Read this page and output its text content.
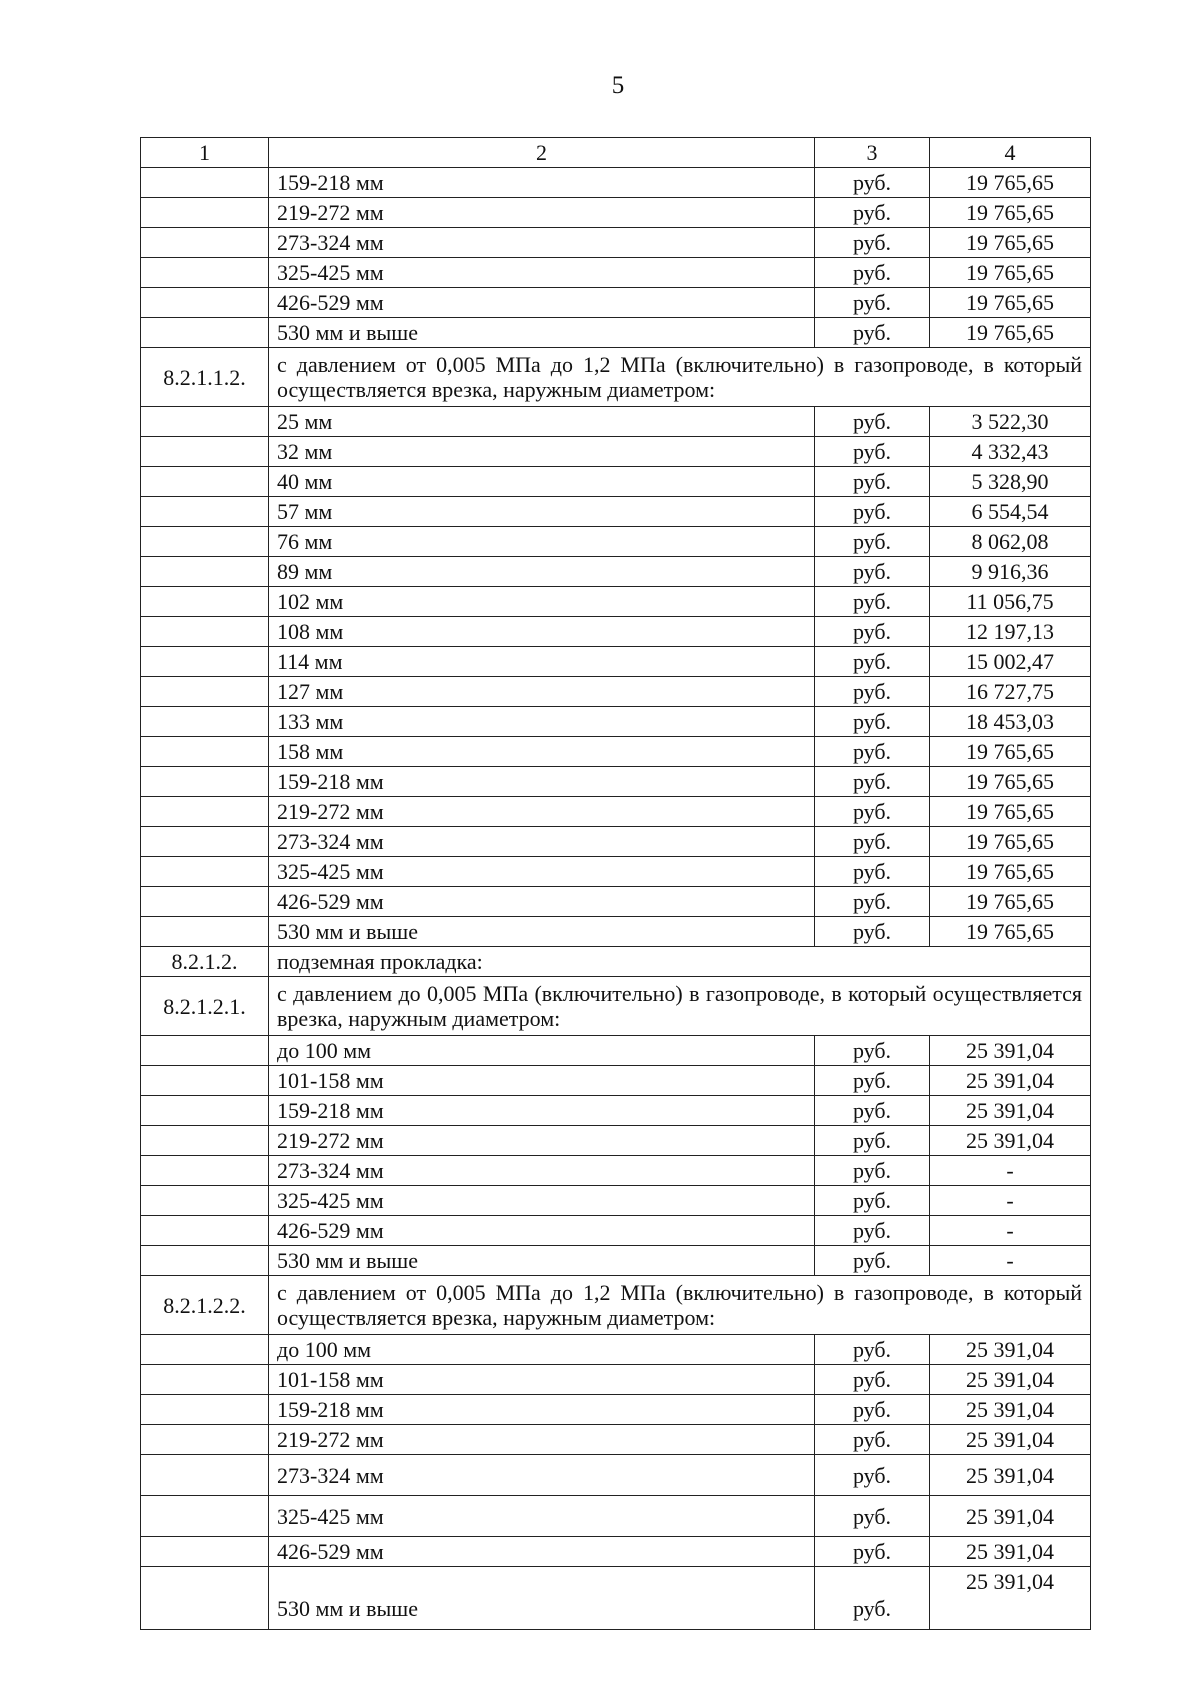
5
1	2	3	4
	159-218 мм	руб.	19 765,65
	219-272 мм	руб.	19 765,65
	273-324 мм	руб.	19 765,65
	325-425 мм	руб.	19 765,65
	426-529 мм	руб.	19 765,65
	530 мм и выше	руб.	19 765,65
8.2.1.1.2.	с давлением от 0,005 МПа до 1,2 МПа (включительно) в газопроводе, в который осуществляется врезка, наружным диаметром:		
	25 мм	руб.	3 522,30
	32 мм	руб.	4 332,43
	40 мм	руб.	5 328,90
	57 мм	руб.	6 554,54
	76 мм	руб.	8 062,08
	89 мм	руб.	9 916,36
	102 мм	руб.	11 056,75
	108 мм	руб.	12 197,13
	114 мм	руб.	15 002,47
	127 мм	руб.	16 727,75
	133 мм	руб.	18 453,03
	158 мм	руб.	19 765,65
	159-218 мм	руб.	19 765,65
	219-272 мм	руб.	19 765,65
	273-324 мм	руб.	19 765,65
	325-425 мм	руб.	19 765,65
	426-529 мм	руб.	19 765,65
	530 мм и выше	руб.	19 765,65
8.2.1.2.	подземная прокладка:		
8.2.1.2.1.	с давлением до 0,005 МПа (включительно) в газопроводе, в который осуществляется врезка, наружным диаметром:		
	до 100 мм	руб.	25 391,04
	101-158 мм	руб.	25 391,04
	159-218 мм	руб.	25 391,04
	219-272 мм	руб.	25 391,04
	273-324 мм	руб.	-
	325-425 мм	руб.	-
	426-529 мм	руб.	-
	530 мм и выше	руб.	-
8.2.1.2.2.	с давлением от 0,005 МПа до 1,2 МПа (включительно) в газопроводе, в который осуществляется врезка, наружным диаметром:		
	до 100 мм	руб.	25 391,04
	101-158 мм	руб.	25 391,04
	159-218 мм	руб.	25 391,04
	219-272 мм	руб.	25 391,04
	273-324 мм	руб.	25 391,04
	325-425 мм	руб.	25 391,04
	426-529 мм	руб.	25 391,04
	530 мм и выше	руб.	25 391,04
